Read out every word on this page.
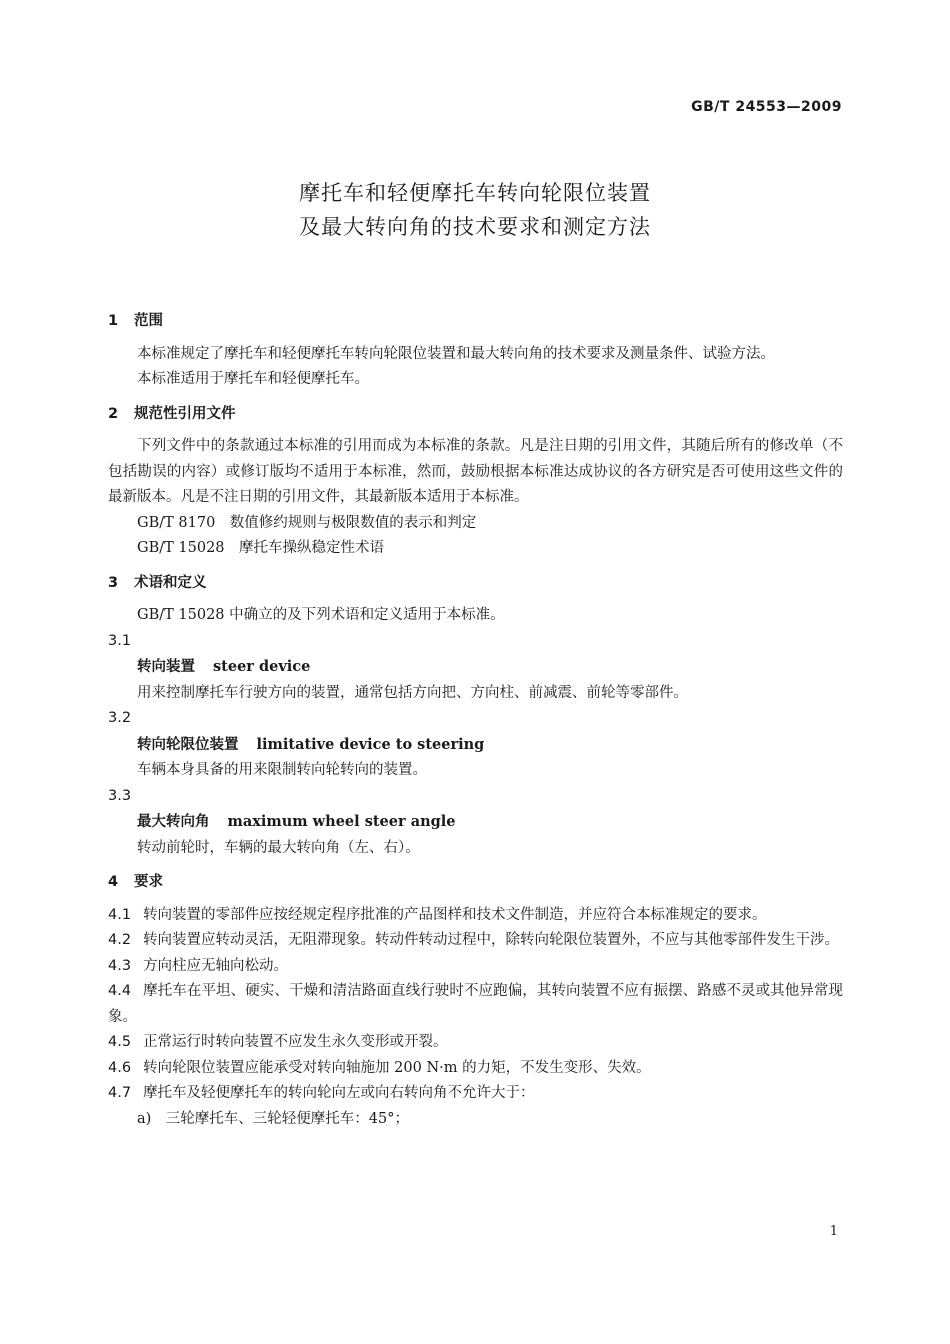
GB/T 24553—2009
摩托车和轻便摩托车转向轮限位装置
及最大转向角的技术要求和测定方法
1 范围
本标准规定了摩托车和轻便摩托车转向轮限位装置和最大转向角的技术要求及测量条件、试验方法。
本标准适用于摩托车和轻便摩托车。
2 规范性引用文件
下列文件中的条款通过本标准的引用而成为本标准的条款。凡是注日期的引用文件，其随后所有的修改单（不包括勘误的内容）或修订版均不适用于本标准，然而，鼓励根据本标准达成协议的各方研究是否可使用这些文件的最新版本。凡是不注日期的引用文件，其最新版本适用于本标准。
GB/T 8170　数值修约规则与极限数值的表示和判定
GB/T 15028　摩托车操纵稳定性术语
3 术语和定义
GB/T 15028 中确立的及下列术语和定义适用于本标准。
3.1
转向装置 steer device
用来控制摩托车行驶方向的装置，通常包括方向把、方向柱、前减震、前轮等零部件。
3.2
转向轮限位装置 limitative device to steering
车辆本身具备的用来限制转向轮转向的装置。
3.3
最大转向角 maximum wheel steer angle
转动前轮时，车辆的最大转向角（左、右）。
4 要求
4.1 转向装置的零部件应按经规定程序批准的产品图样和技术文件制造，并应符合本标准规定的要求。
4.2 转向装置应转动灵活，无阻滞现象。转动件转动过程中，除转向轮限位装置外，不应与其他零部件发生干涉。
4.3 方向柱应无轴向松动。
4.4 摩托车在平坦、硬实、干燥和清洁路面直线行驶时不应跑偏，其转向装置不应有振摆、路感不灵或其他异常现象。
4.5 正常运行时转向装置不应发生永久变形或开裂。
4.6 转向轮限位装置应能承受对转向轴施加 200 N·m 的力矩，不发生变形、失效。
4.7 摩托车及轻便摩托车的转向轮向左或向右转向角不允许大于：
a)　三轮摩托车、三轮轻便摩托车：45°；
1
